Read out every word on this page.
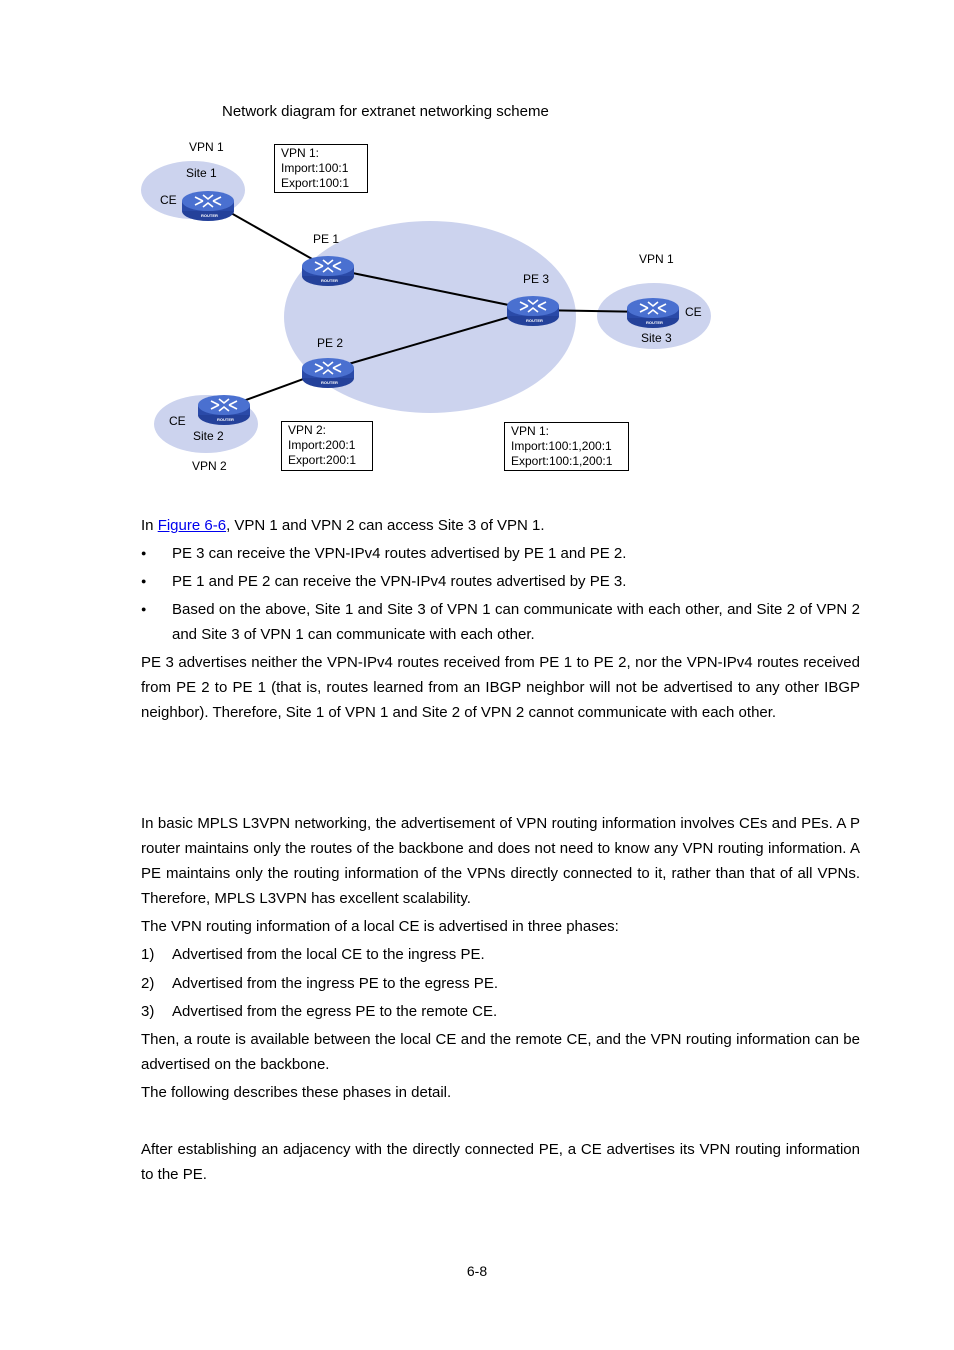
Network diagram for extranet networking scheme
ROUTER
ROUTER
ROUTER
ROUTER
ROUTER
ROUTER
VPN 1
Site 1
CE
PE 1
PE 3
PE 2
VPN 1
CE
Site 3
CE
Site 2
VPN 2
VPN 1:
Import:100:1
Export:100:1
VPN 2:
Import:200:1
Export:200:1
VPN 1:
Import:100:1,200:1
Export:100:1,200:1
In Figure 6-6, VPN 1 and VPN 2 can access Site 3 of VPN 1.
● PE 3 can receive the VPN-IPv4 routes advertised by PE 1 and PE 2.
● PE 1 and PE 2 can receive the VPN-IPv4 routes advertised by PE 3.
● Based on the above, Site 1 and Site 3 of VPN 1 can communicate with each other, and Site 2 of VPN 2 and Site 3 of VPN 1 can communicate with each other.
PE 3 advertises neither the VPN-IPv4 routes received from PE 1 to PE 2, nor the VPN-IPv4 routes received from PE 2 to PE 1 (that is, routes learned from an IBGP neighbor will not be advertised to any other IBGP neighbor). Therefore, Site 1 of VPN 1 and Site 2 of VPN 2 cannot communicate with each other.
In basic MPLS L3VPN networking, the advertisement of VPN routing information involves CEs and PEs. A P router maintains only the routes of the backbone and does not need to know any VPN routing information. A PE maintains only the routing information of the VPNs directly connected to it, rather than that of all VPNs. Therefore, MPLS L3VPN has excellent scalability.
The VPN routing information of a local CE is advertised in three phases:
1) Advertised from the local CE to the ingress PE.
2) Advertised from the ingress PE to the egress PE.
3) Advertised from the egress PE to the remote CE.
Then, a route is available between the local CE and the remote CE, and the VPN routing information can be advertised on the backbone.
The following describes these phases in detail.
After establishing an adjacency with the directly connected PE, a CE advertises its VPN routing information to the PE.
6-8
